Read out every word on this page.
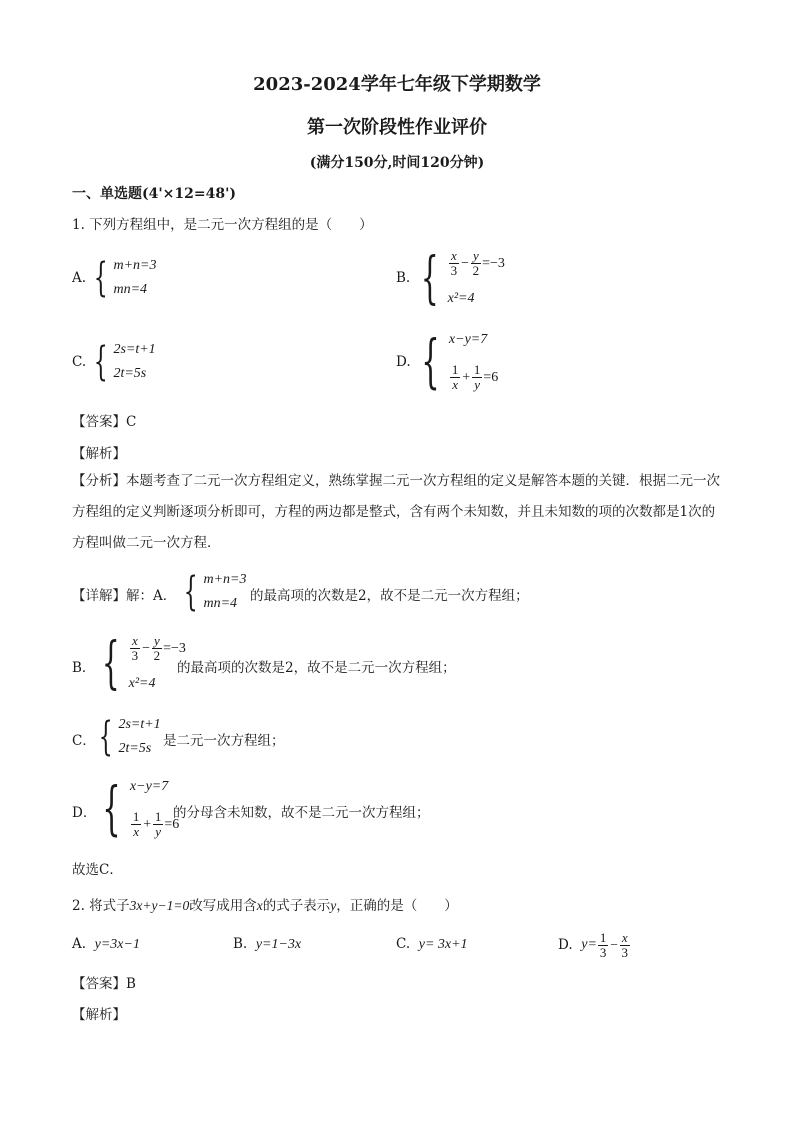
2023-2024学年七年级下学期数学
第一次阶段性作业评价
(满分150分,时间120分钟)
一、单选题(4'×12=48')
1. 下列方程组中，是二元一次方程组的是（　　）
A. { m+n=3
mn=4
B. { $\frac{x}{3} - \frac{y}{2} =-3$
x²=4
C. { 2s=t+1
2t=5s
D. { x−y=7
$\frac{1}{x} + \frac{1}{y} =6$
【答案】C
【解析】
【分析】本题考查了二元一次方程组定义，熟练掌握二元一次方程组的定义是解答本题的关键．根据二元一次方程组的定义判断逐项分析即可，方程的两边都是整式，含有两个未知数，并且未知数的项的次数都是1次的方程叫做二元一次方程．
【详解】解：A． { m+n=3
mn=4 的最高项的次数是2，故不是二元一次方程组；
B． { $\frac{x}{3} - \frac{y}{2} =-3$
x²=4
的最高项的次数是2，故不是二元一次方程组；
C． { 2s=t+1
2t=5s 是二元一次方程组；
D． { x−y=7
$\frac{1}{x} + \frac{1}{y} =6$
的分母含未知数，故不是二元一次方程组；
故选C．
2. 将式子3x+y−1=0改写成用含x的式子表示y，正确的是（　　）
A. y=3x−1	B. y=1−3x	C. y= 3x+1	D.
$y= \frac{1}{3} - \frac{x}{3}$
【答案】B
【解析】
